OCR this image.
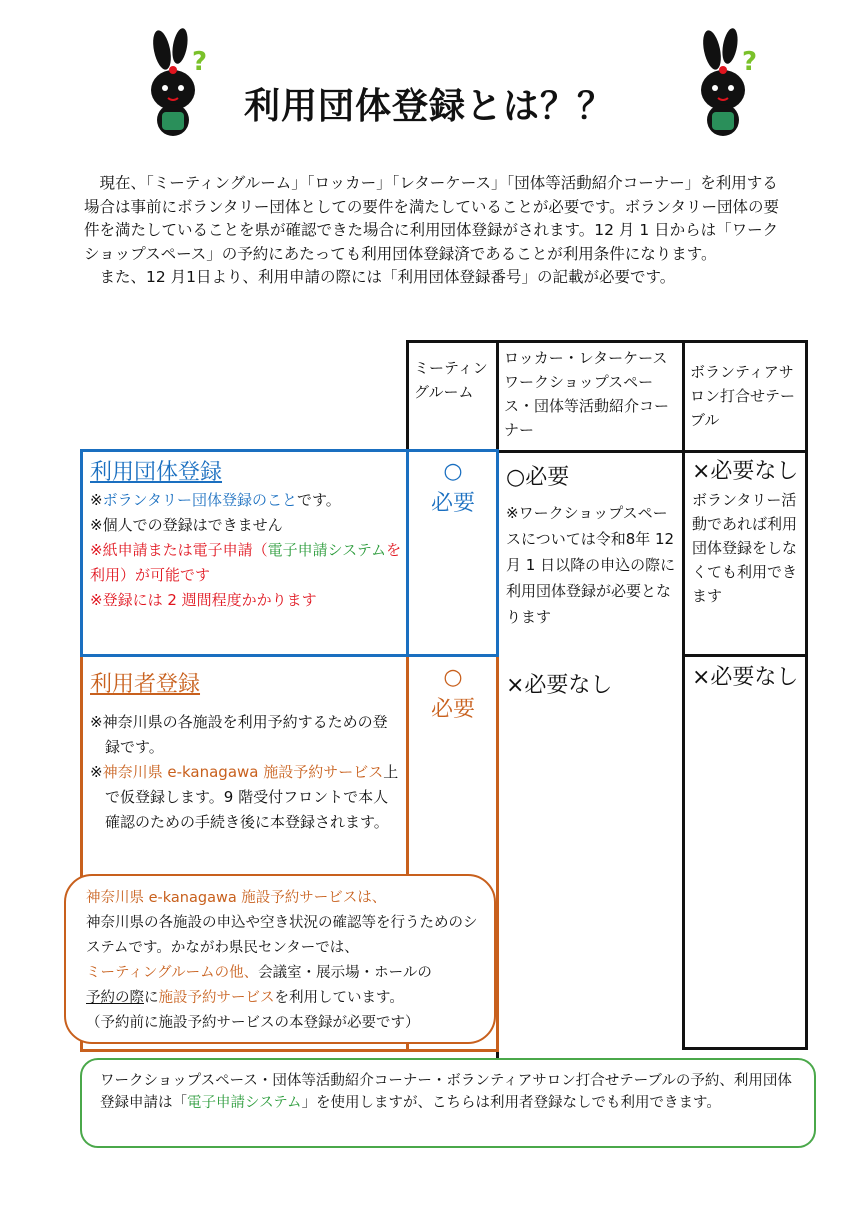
?	?
利用団体登録とは？？

現在、「ミーティングルーム」「ロッカー」「レターケース」「団体等活動紹介コーナー」を利用する場合は事前にボランタリー団体としての要件を満たしていることが必要です。ボランタリー団体の要件を満たしていることを県が確認できた場合に利用団体登録がされます。12 月 1 日からは「ワークショップスペース」の予約にあたっても利用団体登録済であることが利用条件になります。

また、12 月1日より、利用申請の際には「利用団体登録番号」の記載が必要です。

ミーティングルーム
ロッカー・レターケースワークショップスペース・団体等活動紹介コーナー
ボランティアサロン打合せテーブル
利用団体登録
※ボランタリー団体登録のことです。
※個人での登録はできません
※紙申請または電子申請（電子申請システムを利用）が可能です
※登録には 2 週間程度かかります
○
必要
○必要
※ワークショップスペースについては令和8年 12 月 1 日以降の申込の際に利用団体登録が必要となります
×必要なし
ボランタリー活動であれば利用団体登録をしなくても利用できます
利用者登録
※神奈川県の各施設を利用予約するための登録です。
※神奈川県 e-kanagawa 施設予約サービス上で仮登録します。9 階受付フロントで本人確認のための手続き後に本登録されます。
○
必要
×必要なし	×必要なし
神奈川県 e-kanagawa 施設予約サービスは、
神奈川県の各施設の申込や空き状況の確認等を行うためのシステムです。かながわ県民センターでは、
ミーティングルームの他、会議室・展示場・ホールの
予約の際に施設予約サービスを利用しています。
（予約前に施設予約サービスの本登録が必要です）
ワークショップスペース・団体等活動紹介コーナー・ボランティアサロン打合せテーブルの予約、利用団体登録申請は「電子申請システム」を使用しますが、こちらは利用者登録なしでも利用できます。
